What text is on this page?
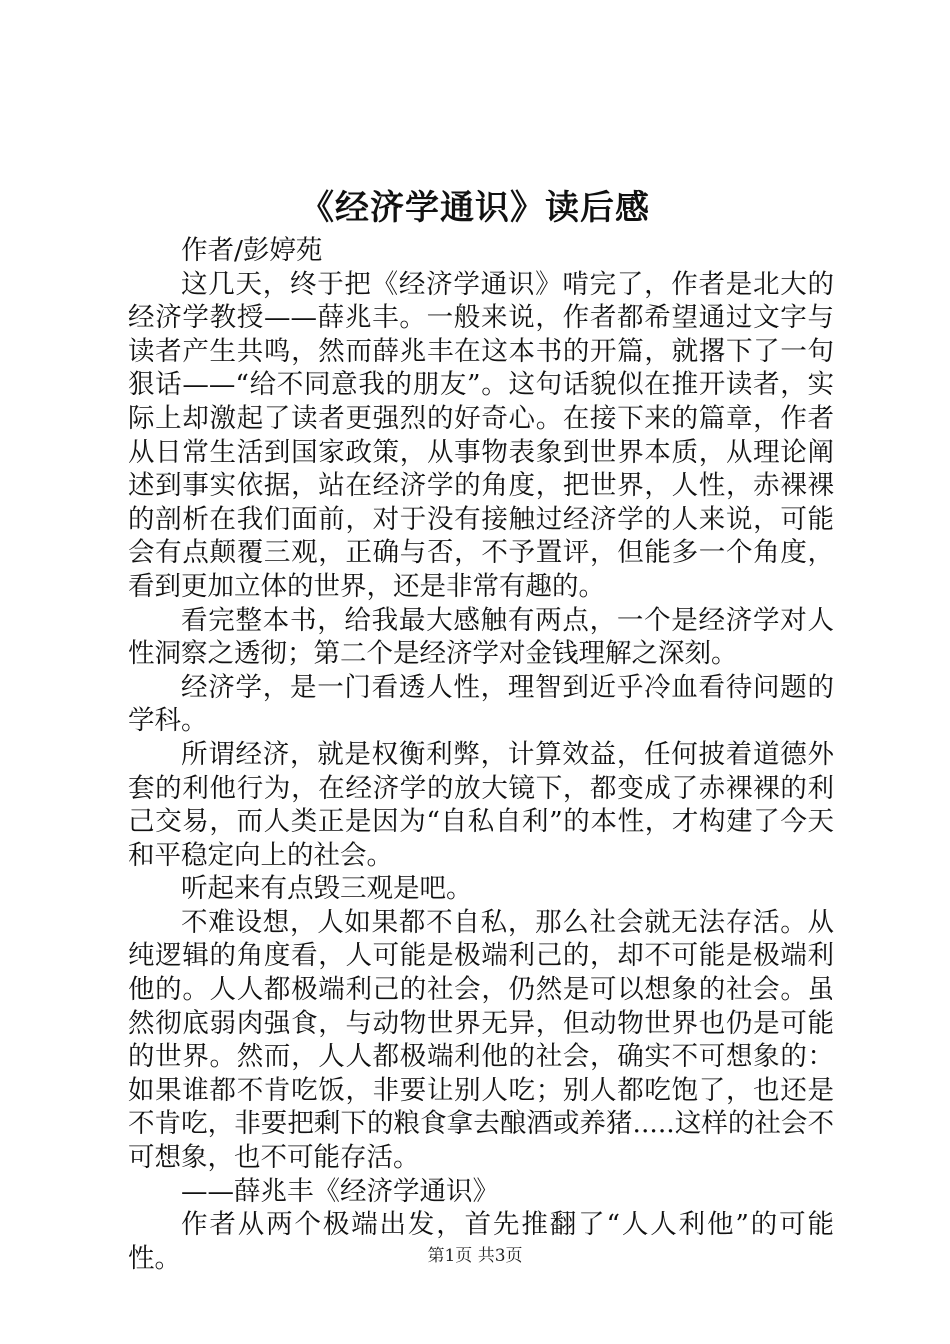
《经济学通识》读后感

作者/彭婷苑

这几天，终于把《经济学通识》啃完了，作者是北大的经济学教授——薛兆丰。一般来说，作者都希望通过文字与读者产生共鸣，然而薛兆丰在这本书的开篇，就撂下了一句狠话——“给不同意我的朋友”。这句话貌似在推开读者，实际上却激起了读者更强烈的好奇心。在接下来的篇章，作者从日常生活到国家政策，从事物表象到世界本质，从理论阐述到事实依据，站在经济学的角度，把世界，人性，赤裸裸的剖析在我们面前，对于没有接触过经济学的人来说，可能会有点颠覆三观，正确与否，不予置评，但能多一个角度，看到更加立体的世界，还是非常有趣的。

看完整本书，给我最大感触有两点，一个是经济学对人性洞察之透彻；第二个是经济学对金钱理解之深刻。

经济学，是一门看透人性，理智到近乎冷血看待问题的学科。

所谓经济，就是权衡利弊，计算效益，任何披着道德外套的利他行为，在经济学的放大镜下，都变成了赤裸裸的利己交易，而人类正是因为“自私自利”的本性，才构建了今天和平稳定向上的社会。

听起来有点毁三观是吧。

不难设想，人如果都不自私，那么社会就无法存活。从纯逻辑的角度看，人可能是极端利己的，却不可能是极端利他的。人人都极端利己的社会，仍然是可以想象的社会。虽然彻底弱肉强食，与动物世界无异，但动物世界也仍是可能的世界。然而，人人都极端利他的社会，确实不可想象的：如果谁都不肯吃饭，非要让别人吃；别人都吃饱了，也还是不肯吃，非要把剩下的粮食拿去酿酒或养猪.....这样的社会不可想象，也不可能存活。

——薛兆丰《经济学通识》

作者从两个极端出发，首先推翻了“人人利他”的可能性。	第1页 共3页
